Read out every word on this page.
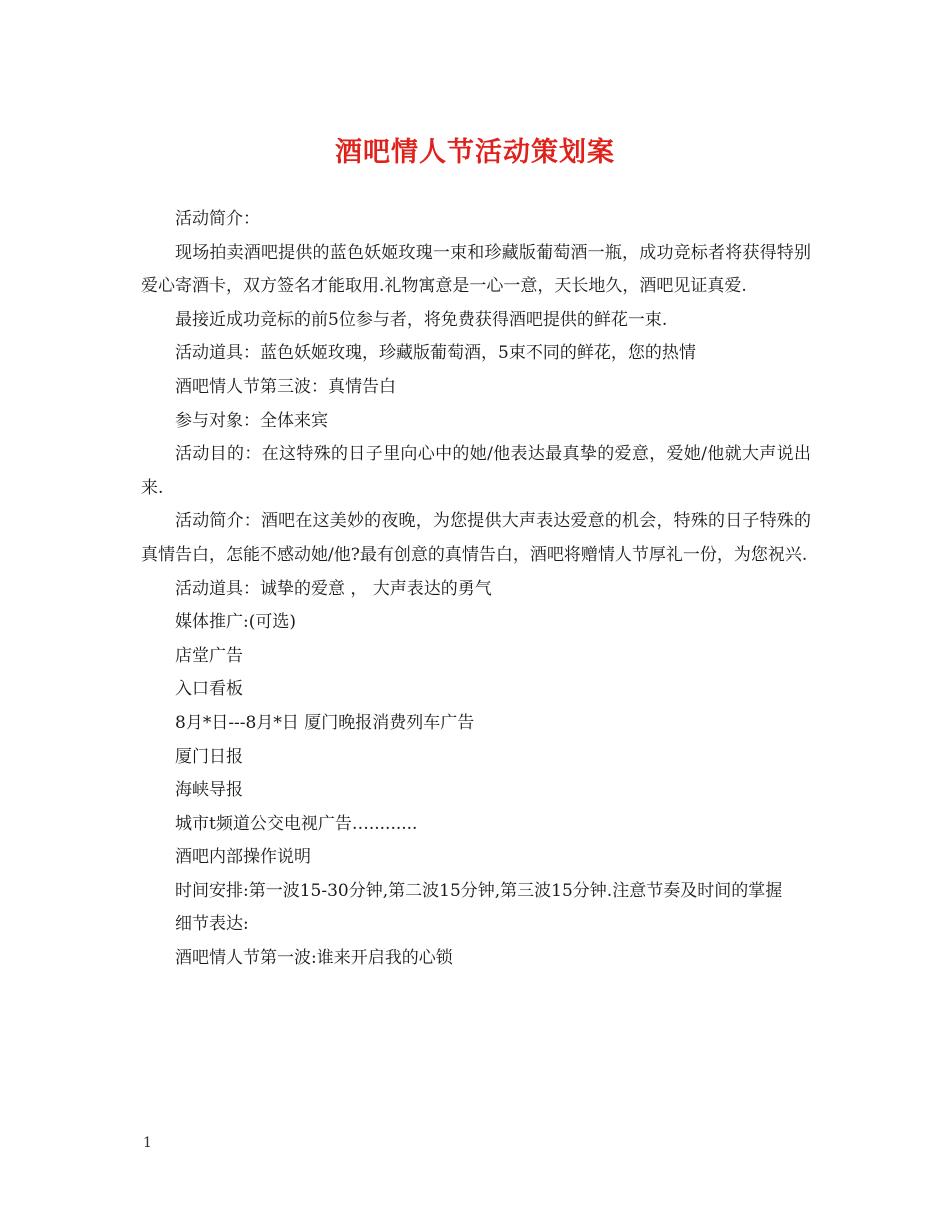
酒吧情人节活动策划案

活动简介：

现场拍卖酒吧提供的蓝色妖姬玫瑰一束和珍藏版葡萄酒一瓶，成功竞标者将获得特别爱心寄酒卡，双方签名才能取用.礼物寓意是一心一意，天长地久，酒吧见证真爱.

最接近成功竞标的前5位参与者，将免费获得酒吧提供的鲜花一束.

活动道具：蓝色妖姬玫瑰，珍藏版葡萄酒，5束不同的鲜花，您的热情

酒吧情人节第三波：真情告白

参与对象：全体来宾

活动目的：在这特殊的日子里向心中的她/他表达最真挚的爱意，爱她/他就大声说出来.

活动简介：酒吧在这美妙的夜晚，为您提供大声表达爱意的机会，特殊的日子特殊的真情告白，怎能不感动她/他?最有创意的真情告白，酒吧将赠情人节厚礼一份，为您祝兴.

活动道具：诚挚的爱意 ， 大声表达的勇气

媒体推广:(可选)

店堂广告

入口看板

8月*日---8月*日 厦门晚报消费列车广告

厦门日报

海峡导报

城市t频道公交电视广告….........

酒吧内部操作说明

时间安排:第一波15-30分钟,第二波15分钟,第三波15分钟.注意节奏及时间的掌握

细节表达:

酒吧情人节第一波:谁来开启我的心锁

1
